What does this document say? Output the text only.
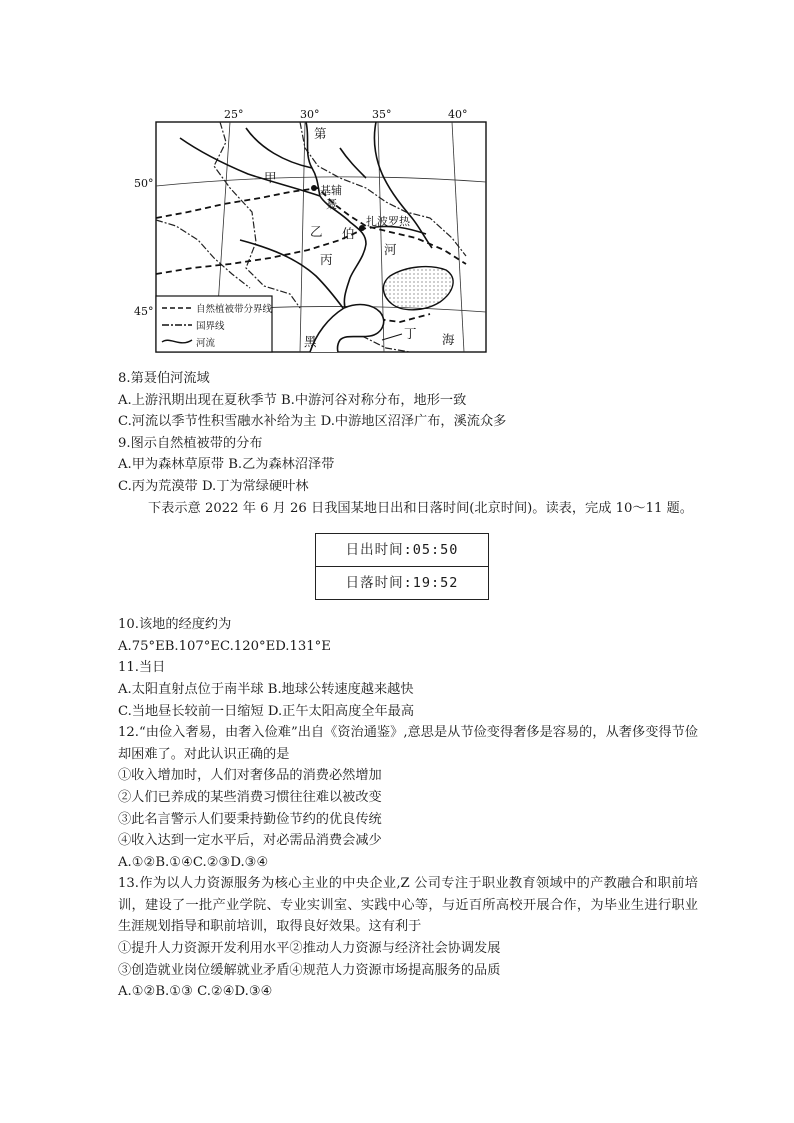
25°	30°	35°	40°
50°
45°
第
甲
基辅
聂
乙 伯
扎波罗热
河
丙
黑
丁 海
自然植被带分界线
国界线
河流
8.第聂伯河流域
A.上游汛期出现在夏秋季节 B.中游河谷对称分布，地形一致
C.河流以季节性积雪融水补给为主 D.中游地区沼泽广布，溪流众多
9.图示自然植被带的分布
A.甲为森林草原带 B.乙为森林沼泽带
C.丙为荒漠带 D.丁为常绿硬叶林
下表示意 2022 年 6 月 26 日我国某地日出和日落时间(北京时间)。读表，完成 10～11 题。
日出时间:05:50
日落时间:19:52
10.该地的经度约为
A.75°EB.107°EC.120°ED.131°E
11.当日
A.太阳直射点位于南半球 B.地球公转速度越来越快
C.当地昼长较前一日缩短 D.正午太阳高度全年最高
12.“由俭入奢易，由奢入俭难”出自《资治通鉴》,意思是从节俭变得奢侈是容易的，从奢侈变得节俭却困难了。对此认识正确的是
①收入增加时，人们对奢侈品的消费必然增加
②人们已养成的某些消费习惯往往难以被改变
③此名言警示人们要秉持勤俭节约的优良传统
④收入达到一定水平后，对必需品消费会减少
A.①②B.①④C.②③D.③④
13.作为以人力资源服务为核心主业的中央企业,Z 公司专注于职业教育领域中的产教融合和职前培训，建设了一批产业学院、专业实训室、实践中心等，与近百所高校开展合作，为毕业生进行职业生涯规划指导和职前培训，取得良好效果。这有利于
①提升人力资源开发利用水平②推动人力资源与经济社会协调发展
③创造就业岗位缓解就业矛盾④规范人力资源市场提高服务的品质
A.①②B.①③ C.②④D.③④
